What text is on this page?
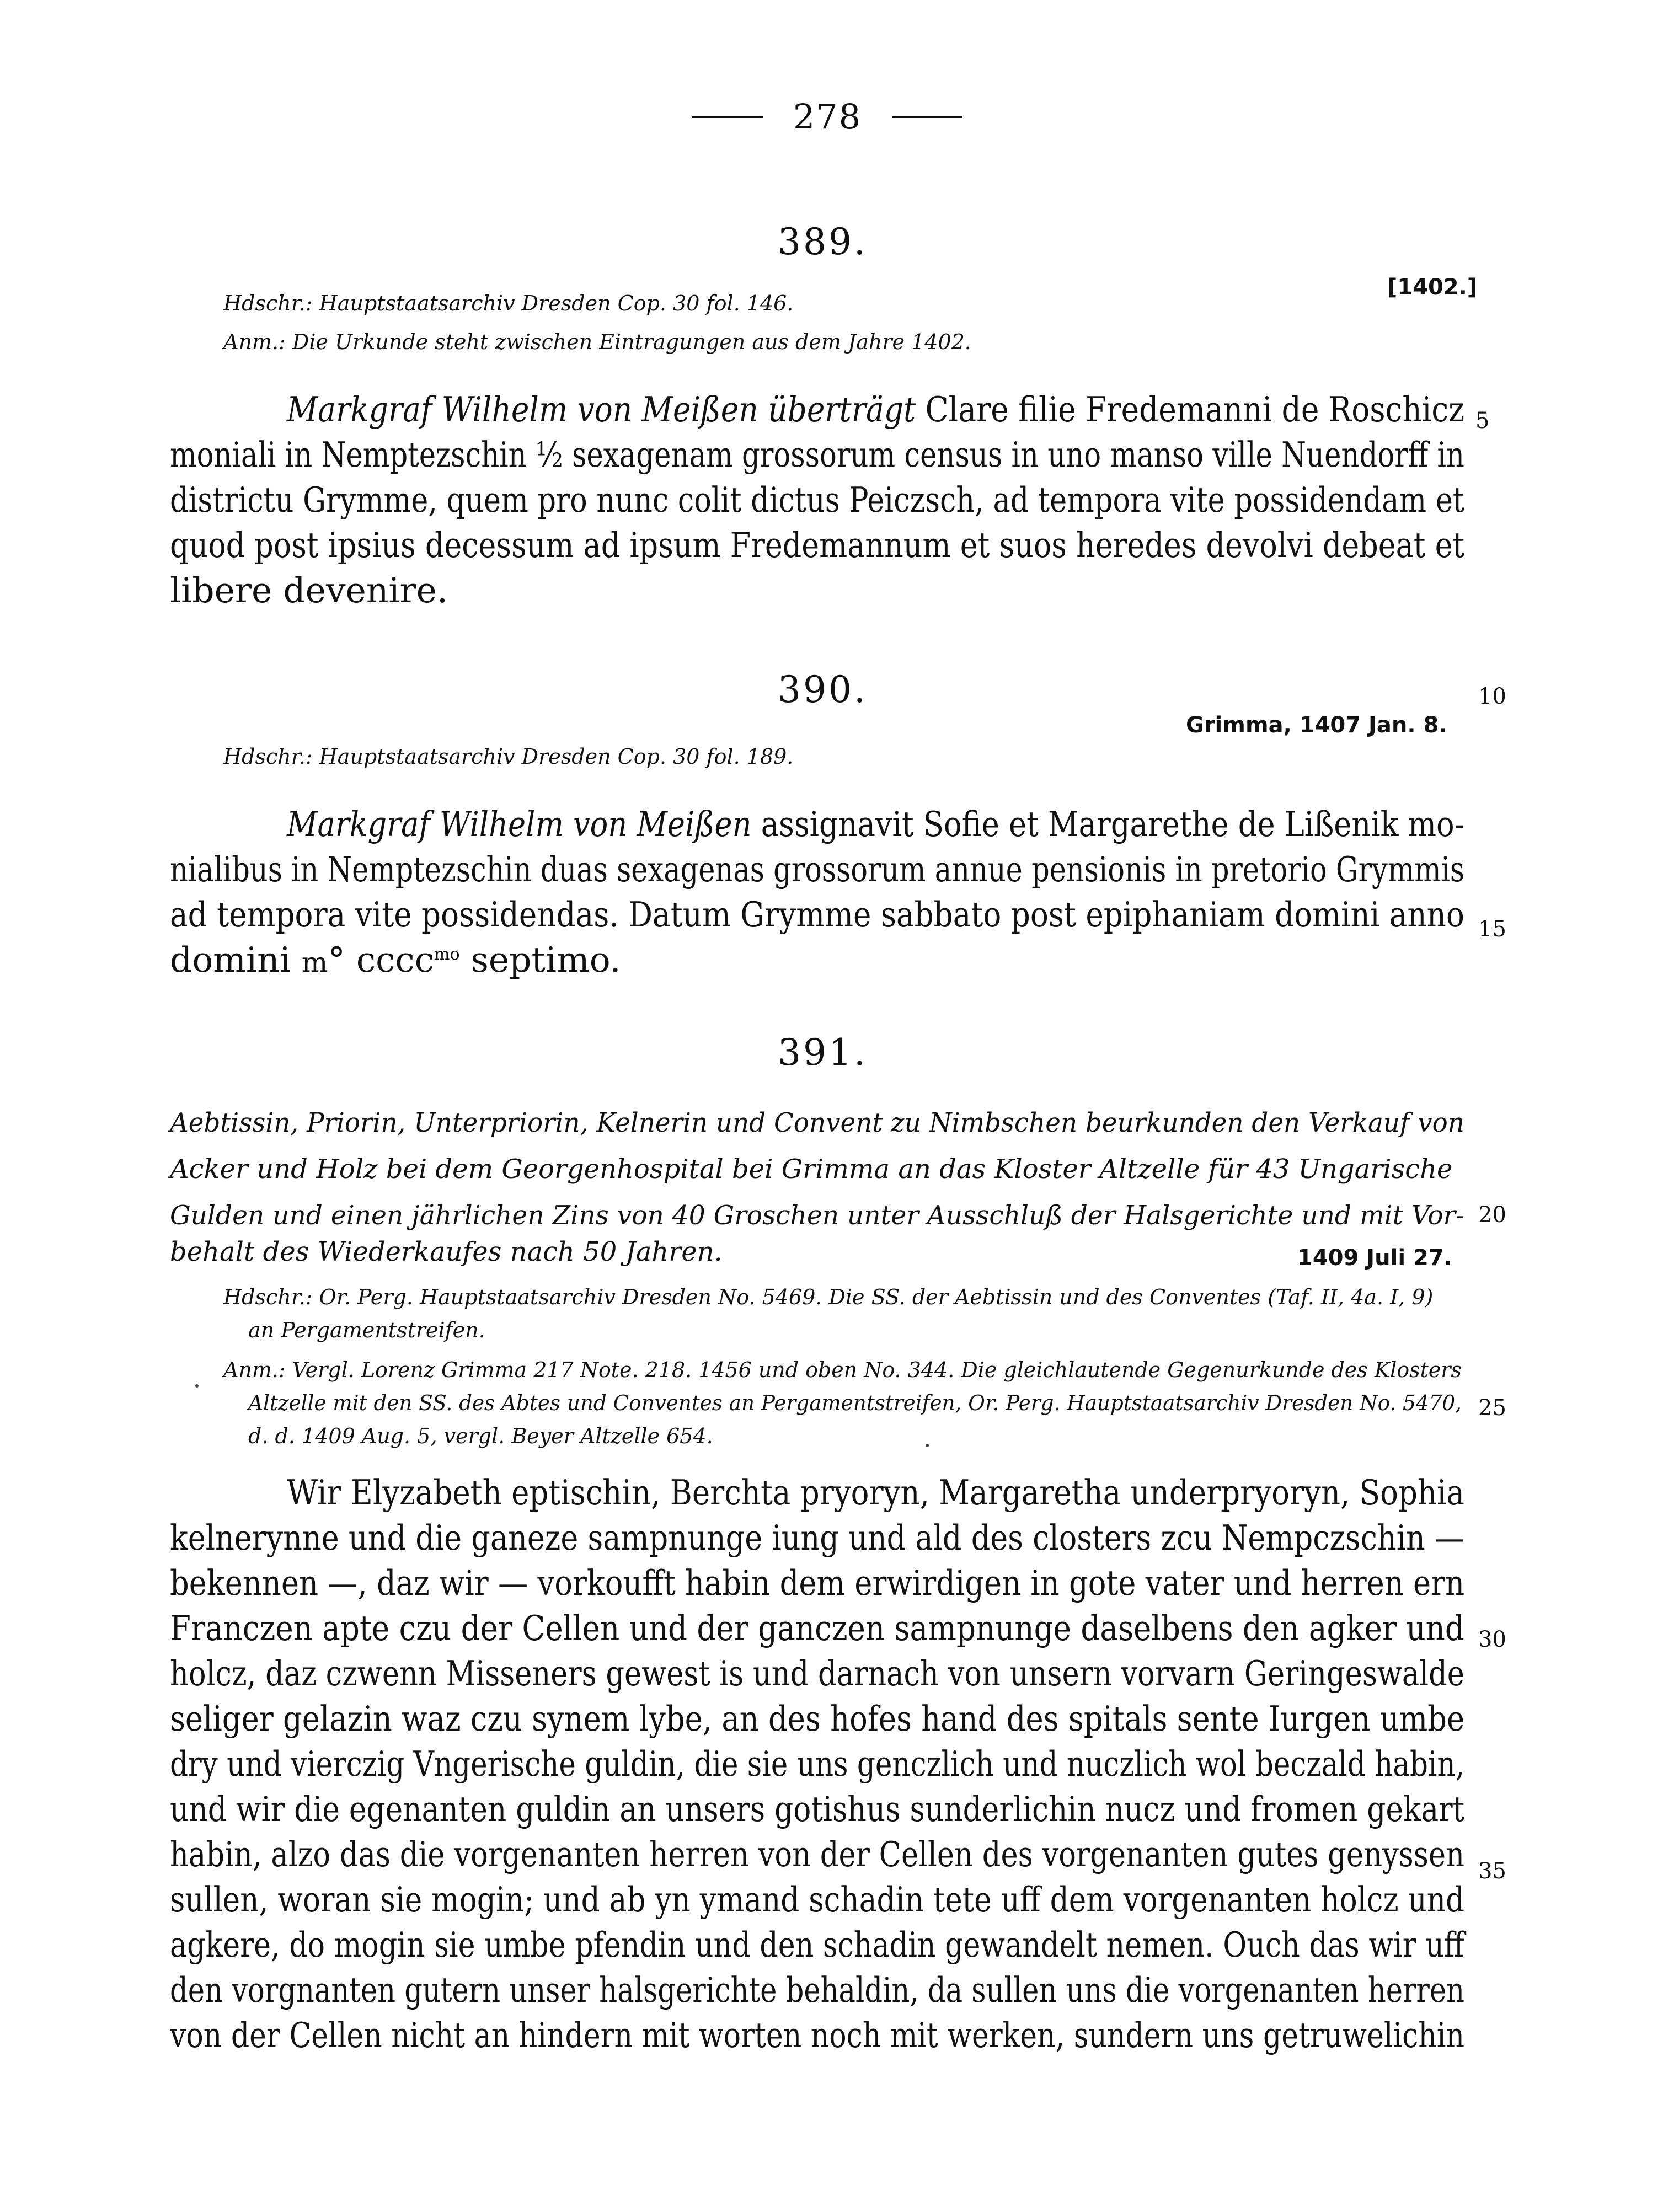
278
389.
[1402.]
Hdschr.: Hauptstaatsarchiv Dresden Cop. 30 fol. 146.
Anm.: Die Urkunde steht zwischen Eintragungen aus dem Jahre 1402.
Markgraf Wilhelm von Meißen überträgt Clare filie Fredemanni de Roschicz 5
moniali in Nemptezschin ½ sexagenam grossorum census in uno manso ville Nuendorff in
districtu Grymme, quem pro nunc colit dictus Peiczsch, ad tempora vite possidendam et
quod post ipsius decessum ad ipsum Fredemannum et suos heredes devolvi debeat et
libere devenire.
390.	10
Grimma, 1407 Jan. 8.
Hdschr.: Hauptstaatsarchiv Dresden Cop. 30 fol. 189.
Markgraf Wilhelm von Meißen assignavit Sofie et Margarethe de Lißenik mo-
nialibus in Nemptezschin duas sexagenas grossorum annue pensionis in pretorio Grymmis
ad tempora vite possidendas. Datum Grymme sabbato post epiphaniam domini anno 15
domini m° cccc$^{mo}$ septimo.
391.
Aebtissin, Priorin, Unterpriorin, Kelnerin und Convent zu Nimbschen beurkunden den Verkauf von
Acker und Holz bei dem Georgenhospital bei Grimma an das Kloster Altzelle für 43 Ungarische
Gulden und einen jährlichen Zins von 40 Groschen unter Ausschluß der Halsgerichte und mit Vor- 20
behalt des Wiederkaufes nach 50 Jahren.	1409 Juli 27.
Hdschr.: Or. Perg. Hauptstaatsarchiv Dresden No. 5469. Die SS. der Aebtissin und des Conventes (Taf. II, 4a. I, 9)
an Pergamentstreifen.
Anm.: Vergl. Lorenz Grimma 217 Note. 218. 1456 und oben No. 344. Die gleichlautende Gegenurkunde des Klosters
Altzelle mit den SS. des Abtes und Conventes an Pergamentstreifen, Or. Perg. Hauptstaatsarchiv Dresden No. 5470, 25
d. d. 1409 Aug. 5, vergl. Beyer Altzelle 654.
Wir Elyzabeth eptischin, Berchta pryoryn, Margaretha underpryoryn, Sophia
kelnerynne und die ganeze sampnunge iung und ald des closters zcu Nempczschin —
bekennen —, daz wir — vorkoufft habin dem erwirdigen in gote vater und herren ern
Franczen apte czu der Cellen und der ganczen sampnunge daselbens den agker und 30
holcz, daz czwenn Misseners gewest is und darnach von unsern vorvarn Geringeswalde
seliger gelazin waz czu synem lybe, an des hofes hand des spitals sente Iurgen umbe
dry und vierczig Vngerische guldin, die sie uns genczlich und nuczlich wol beczald habin,
und wir die egenanten guldin an unsers gotishus sunderlichin nucz und fromen gekart
habin, alzo das die vorgenanten herren von der Cellen des vorgenanten gutes genyssen 35
sullen, woran sie mogin; und ab yn ymand schadin tete uff dem vorgenanten holcz und
agkere, do mogin sie umbe pfendin und den schadin gewandelt nemen. Ouch das wir uff
den vorgnanten gutern unser halsgerichte behaldin, da sullen uns die vorgenanten herren
von der Cellen nicht an hindern mit worten noch mit werken, sundern uns getruwelichin
